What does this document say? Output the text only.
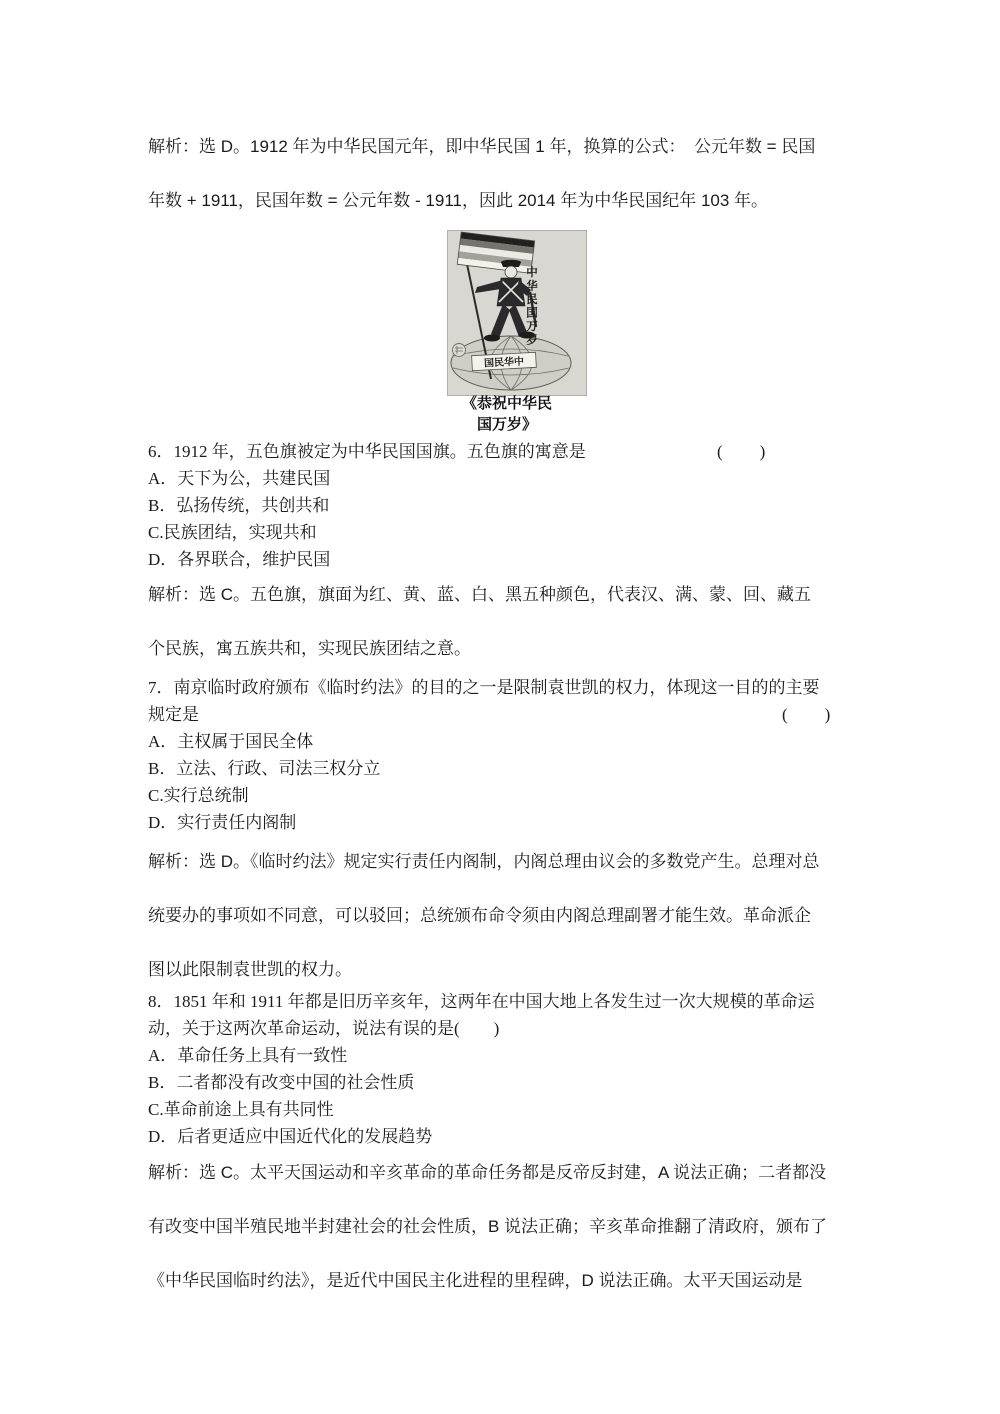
解析：选 D。1912 年为中华民国元年，即中华民国 1 年，换算的公式：　公元年数 = 民国
年数 + 1911，民国年数 = 公元年数 - 1911，因此 2014 年为中华民国纪年 103 年。
国民华中
中华民国万岁
《恭祝中华民
国万岁》
6．1912 年，五色旗被定为中华民国国旗。五色旗的寓意是	(　　)
A．天下为公，共建民国
B．弘扬传统，共创共和
C.民族团结，实现共和
D．各界联合，维护民国
解析：选 C。五色旗，旗面为红、黄、蓝、白、黑五种颜色，代表汉、满、蒙、回、藏五
个民族，寓五族共和，实现民族团结之意。
7．南京临时政府颁布《临时约法》的目的之一是限制袁世凯的权力，体现这一目的的主要
规定是	(　　)
A．主权属于国民全体
B．立法、行政、司法三权分立
C.实行总统制
D．实行责任内阁制
解析：选 D。《临时约法》规定实行责任内阁制，内阁总理由议会的多数党产生。总理对总
统要办的事项如不同意，可以驳回；总统颁布命令须由内阁总理副署才能生效。革命派企
图以此限制袁世凯的权力。
8．1851 年和 1911 年都是旧历辛亥年，这两年在中国大地上各发生过一次大规模的革命运
动，关于这两次革命运动，说法有误的是(　　)
A．革命任务上具有一致性
B．二者都没有改变中国的社会性质
C.革命前途上具有共同性
D．后者更适应中国近代化的发展趋势
解析：选 C。太平天国运动和辛亥革命的革命任务都是反帝反封建，A 说法正确；二者都没
有改变中国半殖民地半封建社会的社会性质，B 说法正确；辛亥革命推翻了清政府，颁布了
《中华民国临时约法》，是近代中国民主化进程的里程碑，D 说法正确。太平天国运动是
